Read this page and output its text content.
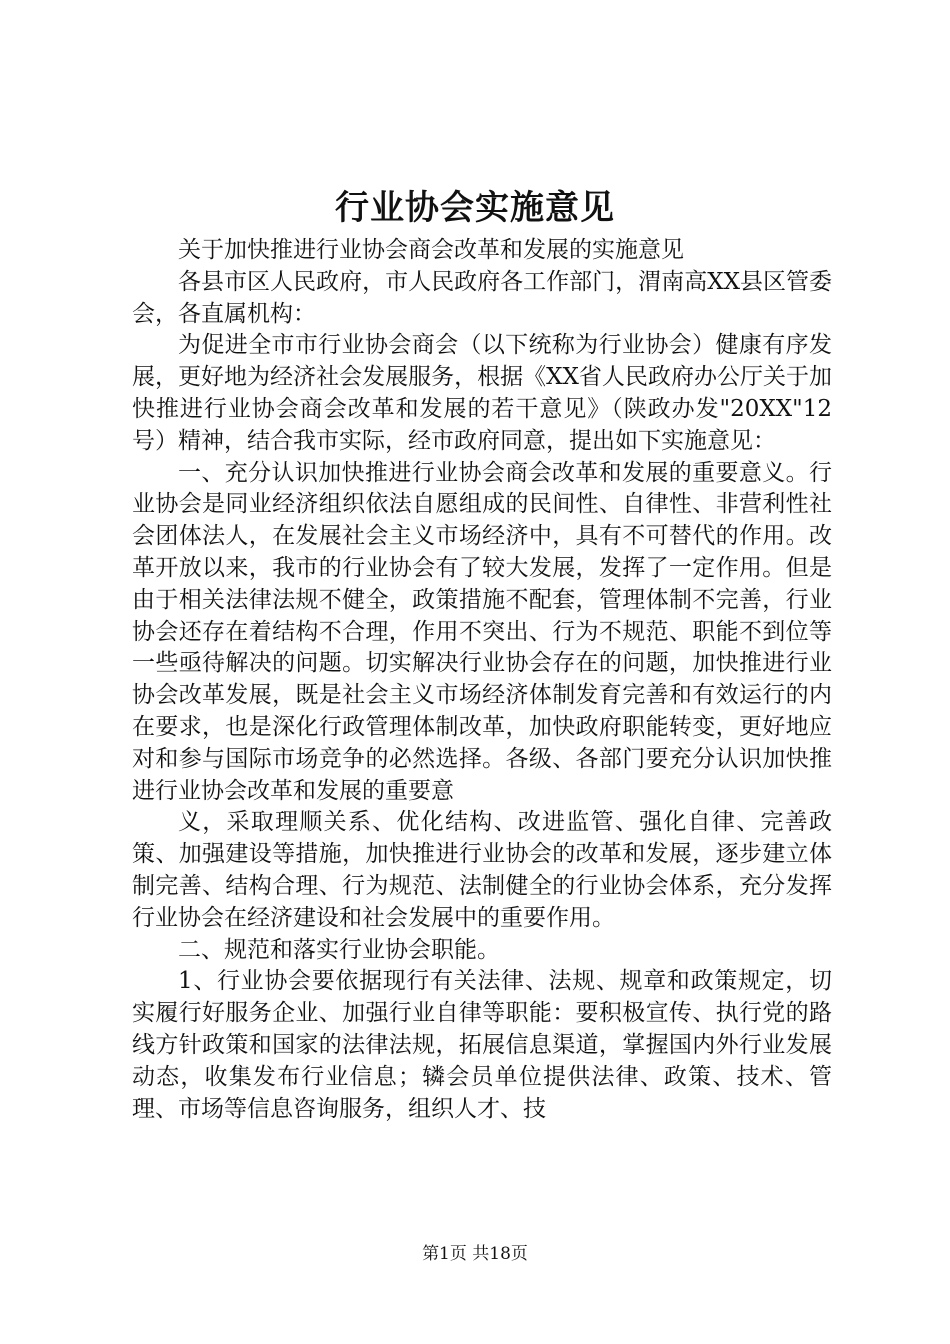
行业协会实施意见

关于加快推进行业协会商会改革和发展的实施意见

各县市区人民政府，市人民政府各工作部门，渭南高XX县区管委会，各直属机构：

为促进全市市行业协会商会（以下统称为行业协会）健康有序发展，更好地为经济社会发展服务，根据《XX省人民政府办公厅关于加快推进行业协会商会改革和发展的若干意见》（陕政办发"20XX"12号）精神，结合我市实际，经市政府同意，提出如下实施意见：

一、充分认识加快推进行业协会商会改革和发展的重要意义。行业协会是同业经济组织依法自愿组成的民间性、自律性、非营利性社会团体法人，在发展社会主义市场经济中，具有不可替代的作用。改革开放以来，我市的行业协会有了较大发展，发挥了一定作用。但是由于相关法律法规不健全，政策措施不配套，管理体制不完善，行业协会还存在着结构不合理，作用不突出、行为不规范、职能不到位等一些亟待解决的问题。切实解决行业协会存在的问题，加快推进行业协会改革发展，既是社会主义市场经济体制发育完善和有效运行的内在要求，也是深化行政管理体制改革，加快政府职能转变，更好地应对和参与国际市场竞争的必然选择。各级、各部门要充分认识加快推进行业协会改革和发展的重要意

义，采取理顺关系、优化结构、改进监管、强化自律、完善政策、加强建设等措施，加快推进行业协会的改革和发展，逐步建立体制完善、结构合理、行为规范、法制健全的行业协会体系，充分发挥行业协会在经济建设和社会发展中的重要作用。

二、规范和落实行业协会职能。

1、行业协会要依据现行有关法律、法规、规章和政策规定，切实履行好服务企业、加强行业自律等职能：要积极宣传、执行党的路线方针政策和国家的法律法规，拓展信息渠道，掌握国内外行业发展动态，收集发布行业信息；辚会员单位提供法律、政策、技术、管理、市场等信息咨询服务，组织人才、技

第1页 共18页
